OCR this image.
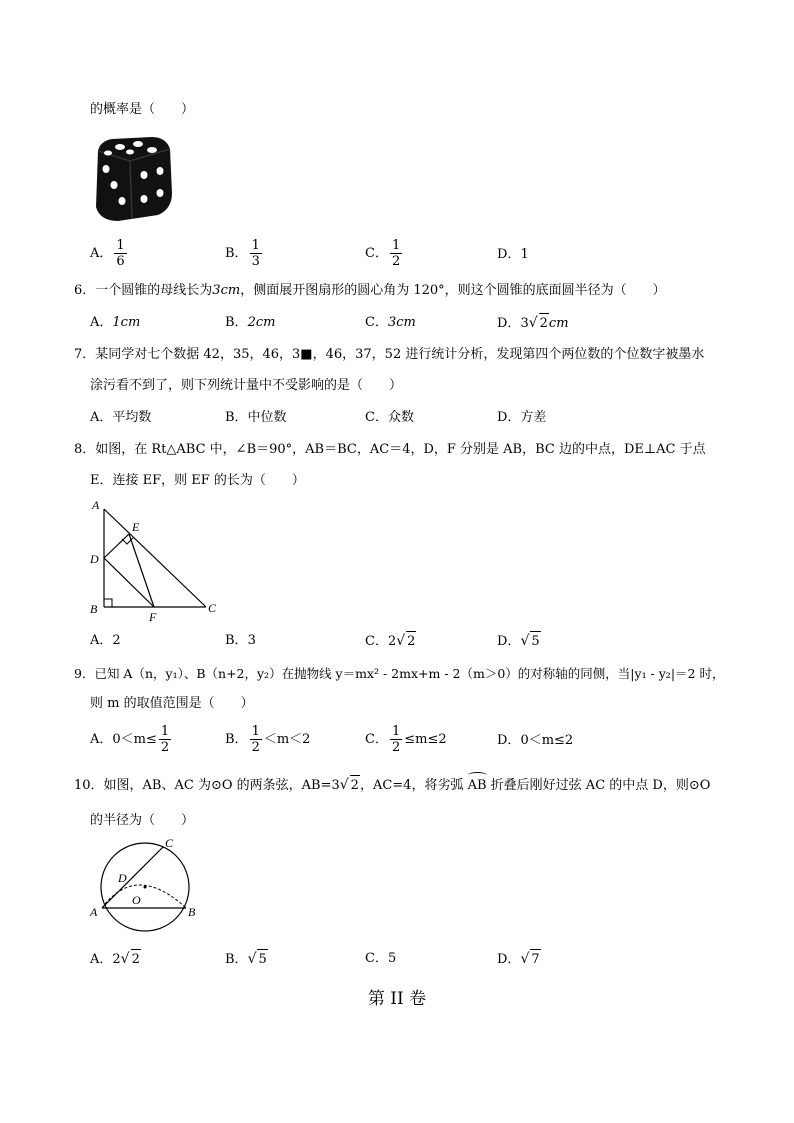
的概率是（　　）
A． $\frac{1}{6}$	B． $\frac{1}{3}$	C． $\frac{1}{2}$	D．1
6．一个圆锥的母线长为3cm，侧面展开图扇形的圆心角为 120°，则这个圆锥的底面圆半径为（　　）
A．1cm	B．2cm	C．3cm	D．3√ 2cm
7．某同学对七个数据 42，35，46，3■，46，37，52 进行统计分析，发现第四个两位数的个位数字被墨水
涂污看不到了，则下列统计量中不受影响的是（　　）
A．平均数	B．中位数	C．众数	D．方差
8．如图，在 Rt△ABC 中，∠B＝90°，AB＝BC，AC＝4，D，F 分别是 AB，BC 边的中点，DE⊥AC 于点
E．连接 EF，则 EF 的长为（　　）
A
D
B
E
F
C
A．2	B．3	C．2√ 2	D．√ 5
9．已知 A（n，y₁）、B（n+2，y₂）在抛物线 y＝mx² - 2mx+m - 2（m＞0）的对称轴的同侧，当|y₁ - y₂|＝2 时，
则 m 的取值范围是（　　）
A．$0<m\le \frac{1}{2}$	B． $\frac{1}{2} <m<2$	C． $\frac{1}{2} \le m\le 2$	D．0＜m≤2
10．如图，AB、AC 为⊙O 的两条弦，AB=3√ 2，AC=4，将劣弧
AB 折叠后刚好过弦 AC 的中点 D，则⊙O
的半径为（　　）
A	B
C
D
O
A．2√ 2	B．√ 5	C．5	D．√ 7
第 II 卷
